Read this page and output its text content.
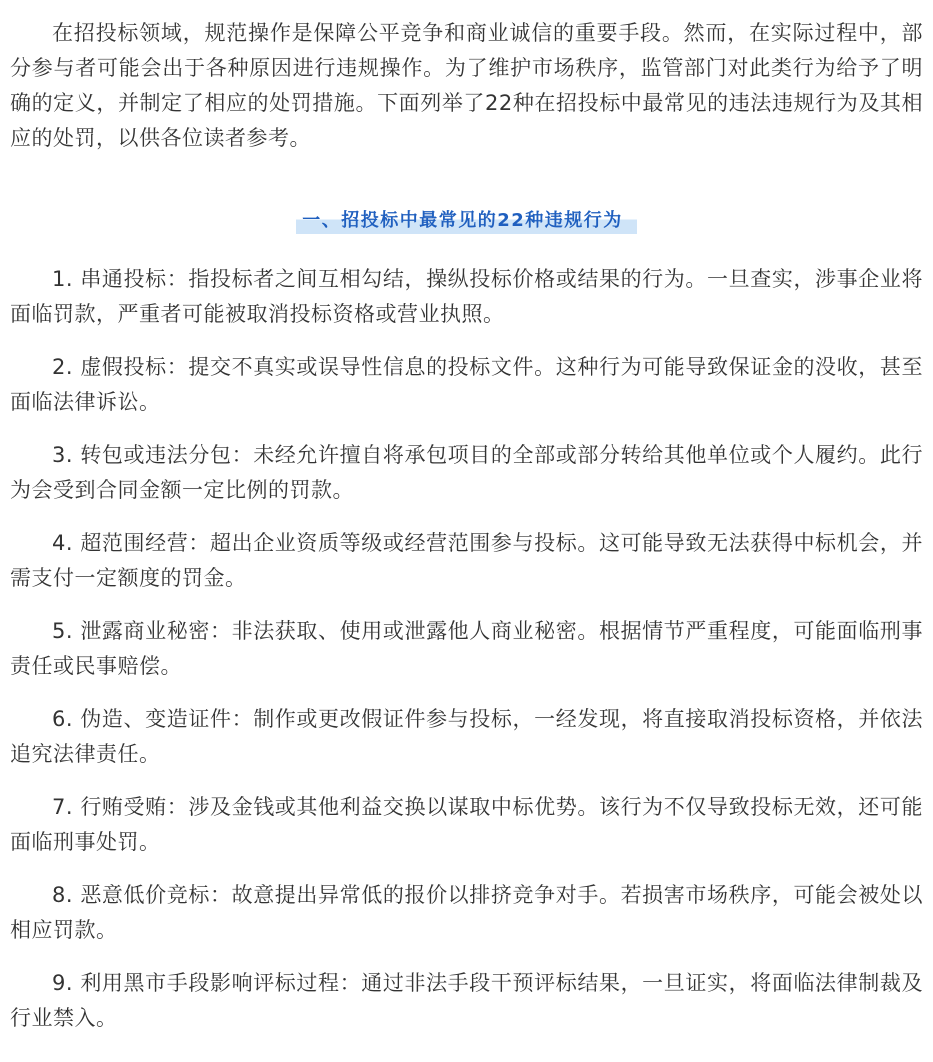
在招投标领域，规范操作是保障公平竞争和商业诚信的重要手段。然而，在实际过程中，部分参与者可能会出于各种原因进行违规操作。为了维护市场秩序，监管部门对此类行为给予了明确的定义，并制定了相应的处罚措施。下面列举了22种在招投标中最常见的违法违规行为及其相应的处罚，以供各位读者参考。

一、招投标中最常见的22种违规行为

1. 串通投标：指投标者之间互相勾结，操纵投标价格或结果的行为。一旦查实，涉事企业将面临罚款，严重者可能被取消投标资格或营业执照。

2. 虚假投标：提交不真实或误导性信息的投标文件。这种行为可能导致保证金的没收，甚至面临法律诉讼。

3. 转包或违法分包：未经允许擅自将承包项目的全部或部分转给其他单位或个人履约。此行为会受到合同金额一定比例的罚款。

4. 超范围经营：超出企业资质等级或经营范围参与投标。这可能导致无法获得中标机会，并需支付一定额度的罚金。

5. 泄露商业秘密：非法获取、使用或泄露他人商业秘密。根据情节严重程度，可能面临刑事责任或民事赔偿。

6. 伪造、变造证件：制作或更改假证件参与投标，一经发现，将直接取消投标资格，并依法追究法律责任。

7. 行贿受贿：涉及金钱或其他利益交换以谋取中标优势。该行为不仅导致投标无效，还可能面临刑事处罚。

8. 恶意低价竞标：故意提出异常低的报价以排挤竞争对手。若损害市场秩序，可能会被处以相应罚款。

9. 利用黑市手段影响评标过程：通过非法手段干预评标结果，一旦证实，将面临法律制裁及行业禁入。
